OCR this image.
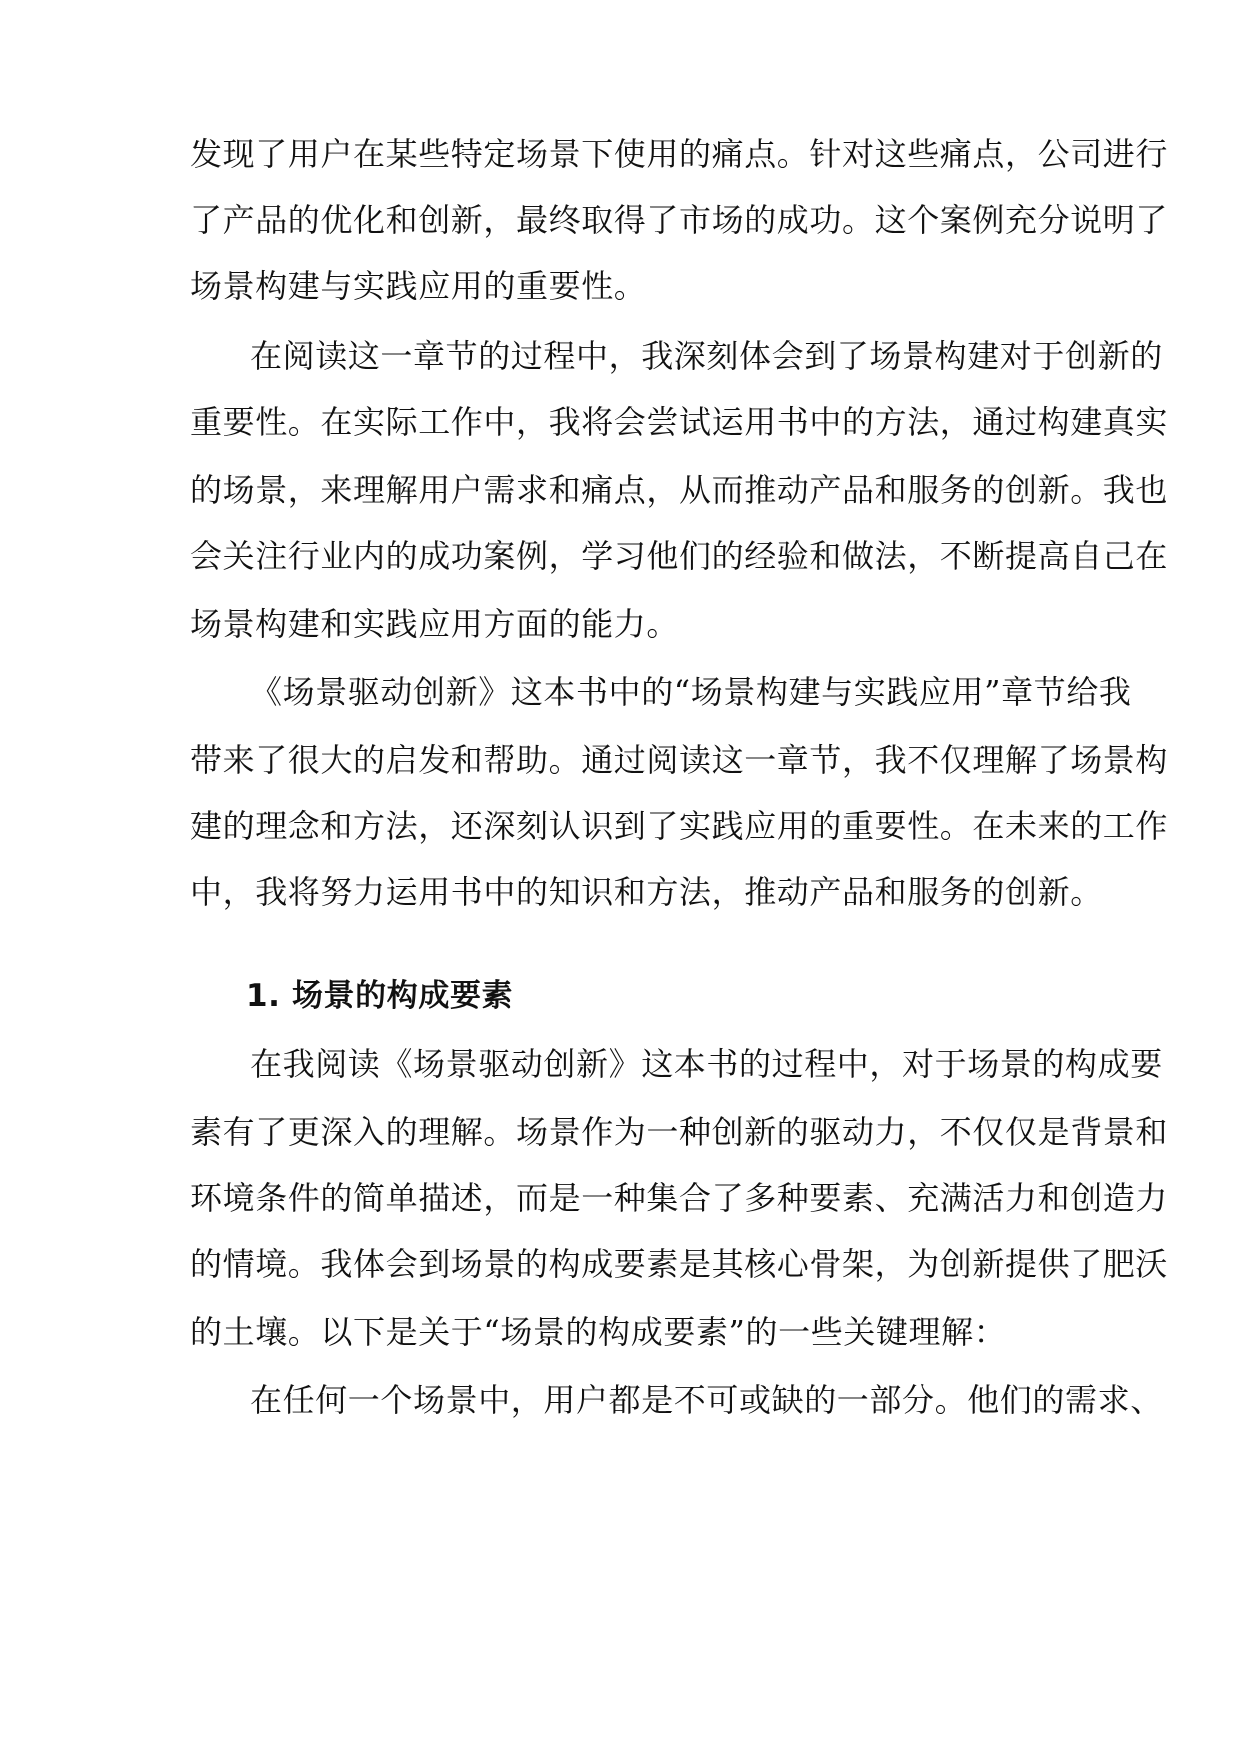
发现了用户在某些特定场景下使用的痛点。针对这些痛点，公司进行
了产品的优化和创新，最终取得了市场的成功。这个案例充分说明了
场景构建与实践应用的重要性。
在阅读这一章节的过程中，我深刻体会到了场景构建对于创新的
重要性。在实际工作中，我将会尝试运用书中的方法，通过构建真实
的场景，来理解用户需求和痛点，从而推动产品和服务的创新。我也
会关注行业内的成功案例，学习他们的经验和做法，不断提高自己在
场景构建和实践应用方面的能力。
《场景驱动创新》这本书中的“场景构建与实践应用”章节给我
带来了很大的启发和帮助。通过阅读这一章节，我不仅理解了场景构
建的理念和方法，还深刻认识到了实践应用的重要性。在未来的工作
中，我将努力运用书中的知识和方法，推动产品和服务的创新。
1. 场景的构成要素
在我阅读《场景驱动创新》这本书的过程中，对于场景的构成要
素有了更深入的理解。场景作为一种创新的驱动力，不仅仅是背景和
环境条件的简单描述，而是一种集合了多种要素、充满活力和创造力
的情境。我体会到场景的构成要素是其核心骨架，为创新提供了肥沃
的土壤。以下是关于“场景的构成要素”的一些关键理解：
在任何一个场景中，用户都是不可或缺的一部分。他们的需求、
